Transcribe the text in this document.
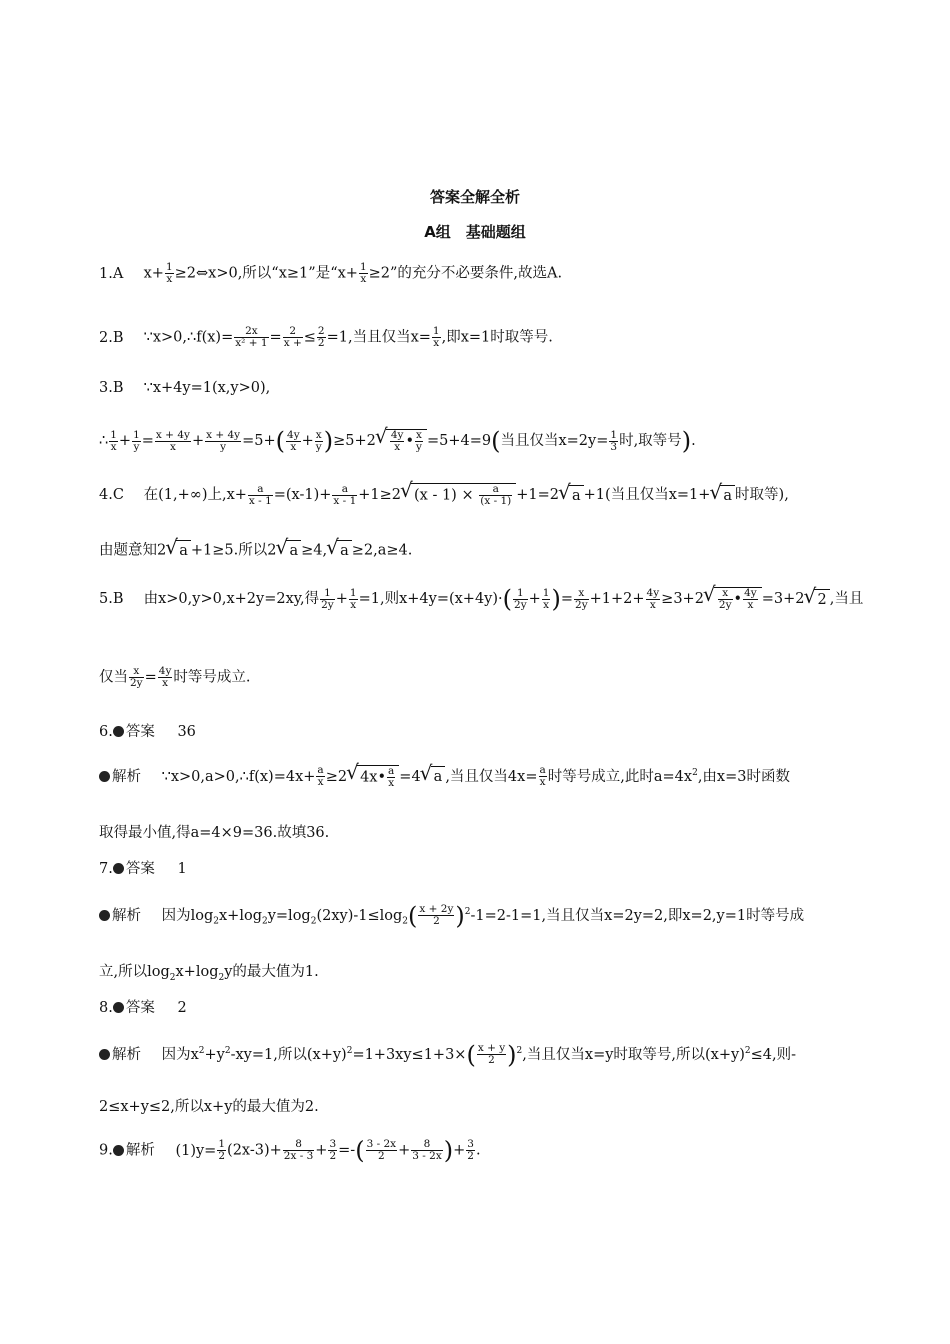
答案全解全析
A组　基础题组
1.A $x+ \frac{1}{x}$ ≥2⇔x>0,所以“x≥1”是“$x+ \frac{1}{x} \ge 2$”的充分不必要条件,故选A.
2.B ∵x>0,∴f(x)= $\frac{2x}{\text{x² + 1}} = \frac{2}{x +} \le \frac{2}{2} =1$,当且仅当$x= \frac{1}{x}$ ,即x=1时取等号.
3.B ∵x+4y=1(x,y>0),
∴ $\frac{1}{x} + \frac{1}{y} = \frac{x + 4y}{x} + \frac{x + 4y}{y} =5+( \frac{4y}{x} + \frac{x}{y} )\ge 5+2$
√ $\frac{4y}{x}$ • $\frac{x}{y} =5+4=9$(当且仅当$x=2y= \frac{1}{3}$ 时,取等号).
4.C 在(1,+∞)上$,x+ \frac{a}{x - 1} =(x-1)+ \frac{a}{x - 1} +1\ge 2√$ $(x - 1) \times \frac{a}{(x - 1)} +1=2√$ a +1(当且仅当x=1+√ a 时取等),
由题意知2√ a +1≥5.所以2√ a ≥4,√ a ≥2,a≥4.
5.B 由x>0,y>0,x+2y=2xy,得 $\frac{1}{2y} + \frac{1}{x} =1$,则$x+4y=(x+4y)\cdot( \frac{1}{2y} + \frac{1}{x}$ )= $\frac{x}{2y} +1+2+ \frac{4y}{x} \ge 3+2$
√ $\frac{x}{2y}$ • $\frac{4y}{x} =3+2√$ 2 ,当且
仅当 $\frac{x}{2y} = \frac{4y}{x}$ 时等号成立.
6. 答案 36
解析 ∵x>0,a>0,∴f(x)=4x+ $\frac{a}{x} \ge 2√$ 4x• $\frac{a}{x} =4√$ a ,当且仅当$4x= \frac{a}{x}$ 时等号成立,此时$a=4x^2$,由x=3时函数
取得最小值,得a=4×9=36.故填36.
7. 答案 1
解析 因为$\log_2x+\log_2y=\log_2(2xy)-1\le\log_2( \frac{x + 2y}{2} )^2-1=2-1=1$,当且仅当x=2y=2,即x=2,y=1时等号成
立,所以$\log_2x+\log_2y$的最大值为1.
8. 答案 2
解析 因为$x^2+y^2-xy=1$,所以$(x+y)^2=1+3xy\le 1+3\times( \frac{x + y}{2} )^2$,当且仅当x=y时取等号,所以$(x+y)^2\le 4$,则-
2≤x+y≤2,所以x+y的最大值为2.
9. 解析 $(1)y= \frac{1}{2} (2x-3)+ \frac{8}{2x - 3} + \frac{3}{2}$ =-( $\frac{3 - 2x}{2} + \frac{8}{3 - 2x}$ )+ $\frac{3}{2}$ .
